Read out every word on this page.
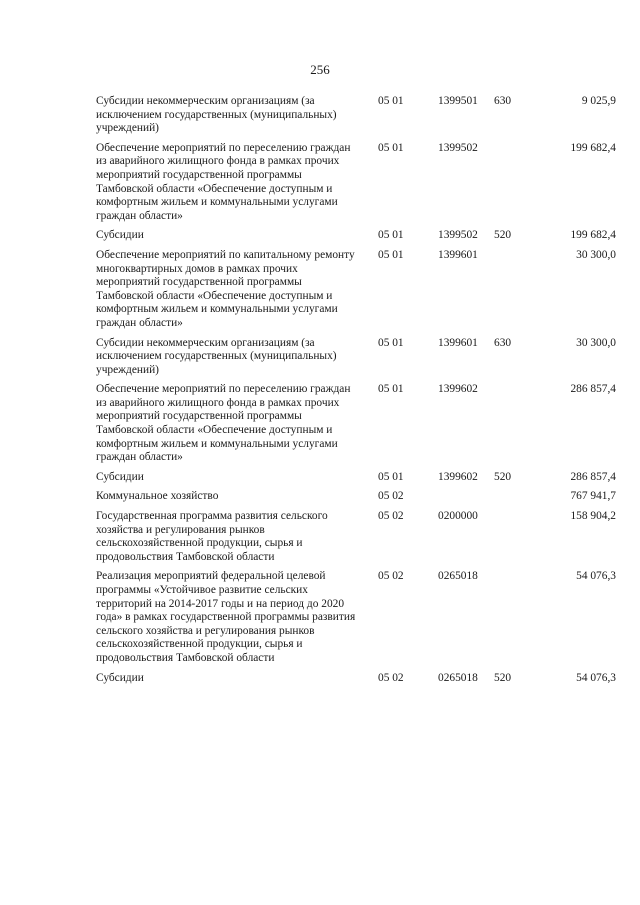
256
Субсидии некоммерческим организациям (за исключением государственных (муниципальных) учреждений)
05 01	1399501 630	9 025,9
Обеспечение мероприятий по переселению граждан из аварийного жилищного фонда в рамках прочих мероприятий государственной программы Тамбовской области «Обеспечение доступным и комфортным жильем и коммунальными услугами граждан области»
05 01	1399502	199 682,4
Субсидии	05 01	1399502 520	199 682,4
Обеспечение мероприятий по капитальному ремонту многоквартирных домов в рамках прочих мероприятий государственной программы Тамбовской области «Обеспечение доступным и комфортным жильем и коммунальными услугами граждан области»
05 01	1399601	30 300,0
Субсидии некоммерческим организациям (за исключением государственных (муниципальных) учреждений)
05 01	1399601 630	30 300,0
Обеспечение мероприятий по переселению граждан из аварийного жилищного фонда в рамках прочих мероприятий государственной программы Тамбовской области «Обеспечение доступным и комфортным жильем и коммунальными услугами граждан области»
05 01	1399602	286 857,4
Субсидии	05 01	1399602 520	286 857,4
Коммунальное хозяйство	05 02	767 941,7
Государственная программа развития сельского хозяйства и регулирования рынков сельскохозяйственной продукции, сырья и продовольствия Тамбовской области
05 02	0200000	158 904,2
Реализация мероприятий федеральной целевой программы «Устойчивое развитие сельских территорий на 2014-2017 годы и на период до 2020 года» в рамках государственной программы развития сельского хозяйства и регулирования рынков сельскохозяйственной продукции, сырья и продовольствия Тамбовской области
05 02	0265018	54 076,3
Субсидии	05 02	0265018 520	54 076,3
